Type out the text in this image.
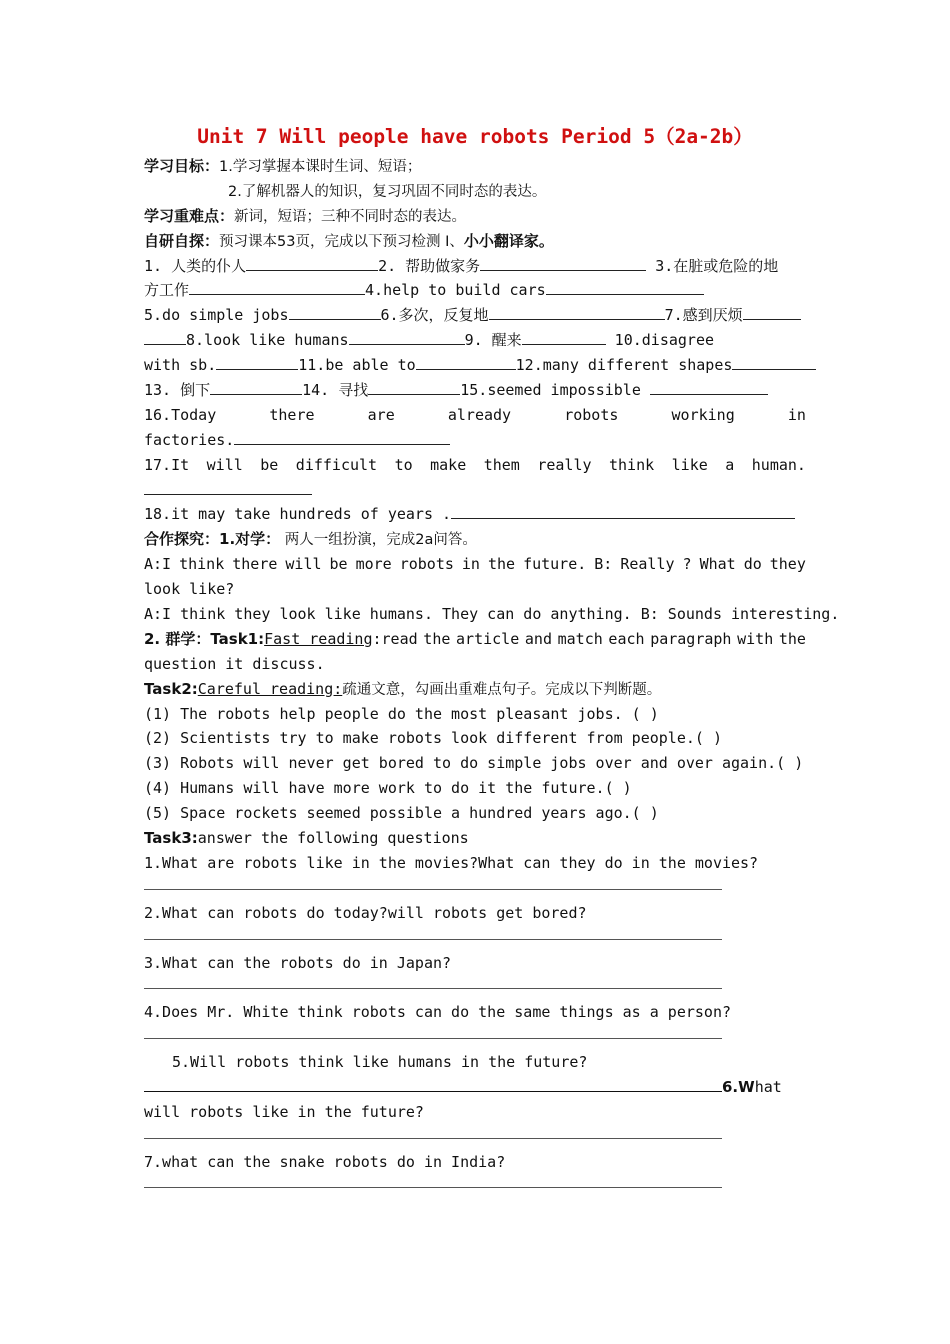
Unit 7 Will people have robots Period 5（2a-2b）
学习目标：1.学习掌握本课时生词、短语；
2.了解机器人的知识，复习巩固不同时态的表达。
学习重难点：新词，短语；三种不同时态的表达。
自研自探：预习课本53页，完成以下预习检测 I、小小翻译家。
1. 人类的仆人	2. 帮助做家务	3.在脏或危险的地
方工作	4.help to build cars
5.do simple jobs	6.多次，反复地	7.感到厌烦
8.look like humans	9. 醒来	10.disagree
with sb.	11.be able to	12.many different shapes
13. 倒下	14. 寻找	15.seemed impossible
16.Today	there	are	already	robots	working	in
factories.
17.It will be difficult to make them really think like a human.
18.it may take hundreds of years .
合作探究：1.对学： 两人一组扮演，完成2a问答。
A:I think there will be more robots in the future. B: Really ? What do they
look like?
A:I think they look like humans. They can do anything. B: Sounds interesting.
2. 群学：Task1:Fast reading:read the article and match each paragraph with the
question it discuss.
Task2:Careful reading:疏通文意，勾画出重难点句子。完成以下判断题。
(1) The robots help people do the most pleasant jobs. ( )
(2) Scientists try to make robots look different from people.( )
(3) Robots will never get bored to do simple jobs over and over again.( )
(4) Humans will have more work to do it the future.( )
(5) Space rockets seemed possible a hundred years ago.( )
Task3:answer the following questions
1.What are robots like in the movies?What can they do in the movies?
2.What can robots do today?will robots get bored?
3.What can the robots do in Japan?
4.Does Mr. White think robots can do the same things as a person?
5.Will robots think like humans in the future?
6.What
will robots like in the future?
7.what can the snake robots do in India?
